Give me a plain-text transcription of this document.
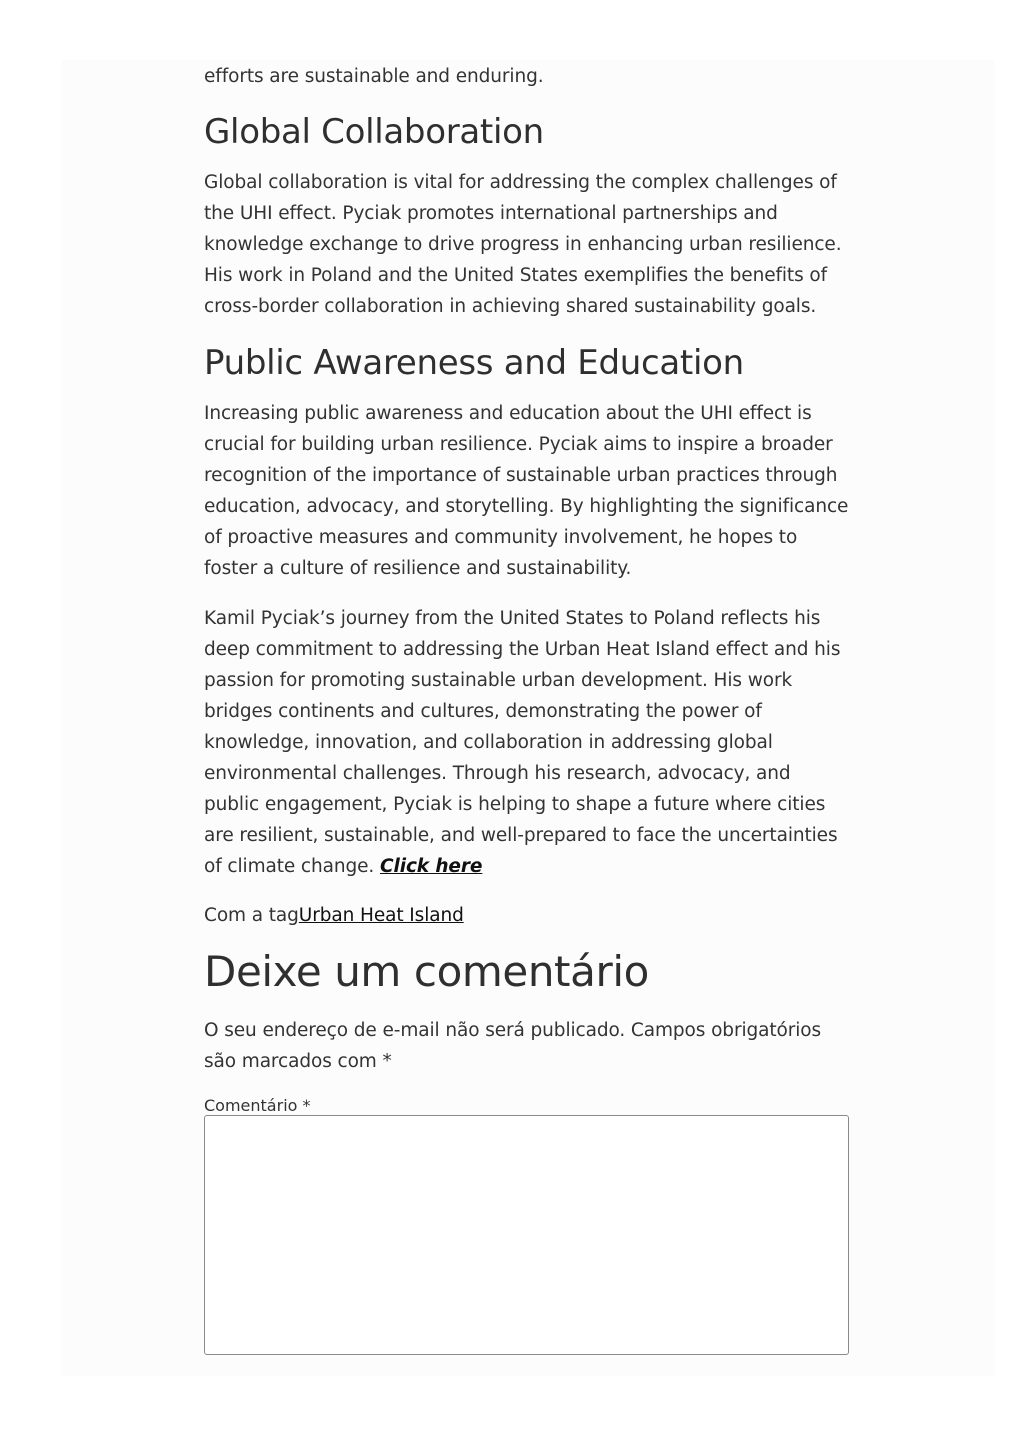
efforts are sustainable and enduring.

Global Collaboration

Global collaboration is vital for addressing the complex challenges of the UHI effect. Pyciak promotes international partnerships and knowledge exchange to drive progress in enhancing urban resilience. His work in Poland and the United States exemplifies the benefits of cross-border collaboration in achieving shared sustainability goals.

Public Awareness and Education

Increasing public awareness and education about the UHI effect is crucial for building urban resilience. Pyciak aims to inspire a broader recognition of the importance of sustainable urban practices through education, advocacy, and storytelling. By highlighting the significance of proactive measures and community involvement, he hopes to foster a culture of resilience and sustainability.

Kamil Pyciak’s journey from the United States to Poland reflects his deep commitment to addressing the Urban Heat Island effect and his passion for promoting sustainable urban development. His work bridges continents and cultures, demonstrating the power of knowledge, innovation, and collaboration in addressing global environmental challenges. Through his research, advocacy, and public engagement, Pyciak is helping to shape a future where cities are resilient, sustainable, and well-prepared to face the uncertainties of climate change. Click here

Com a tagUrban Heat Island

Deixe um comentário

O seu endereço de e-mail não será publicado. Campos obrigatórios são marcados com *

Comentário *
